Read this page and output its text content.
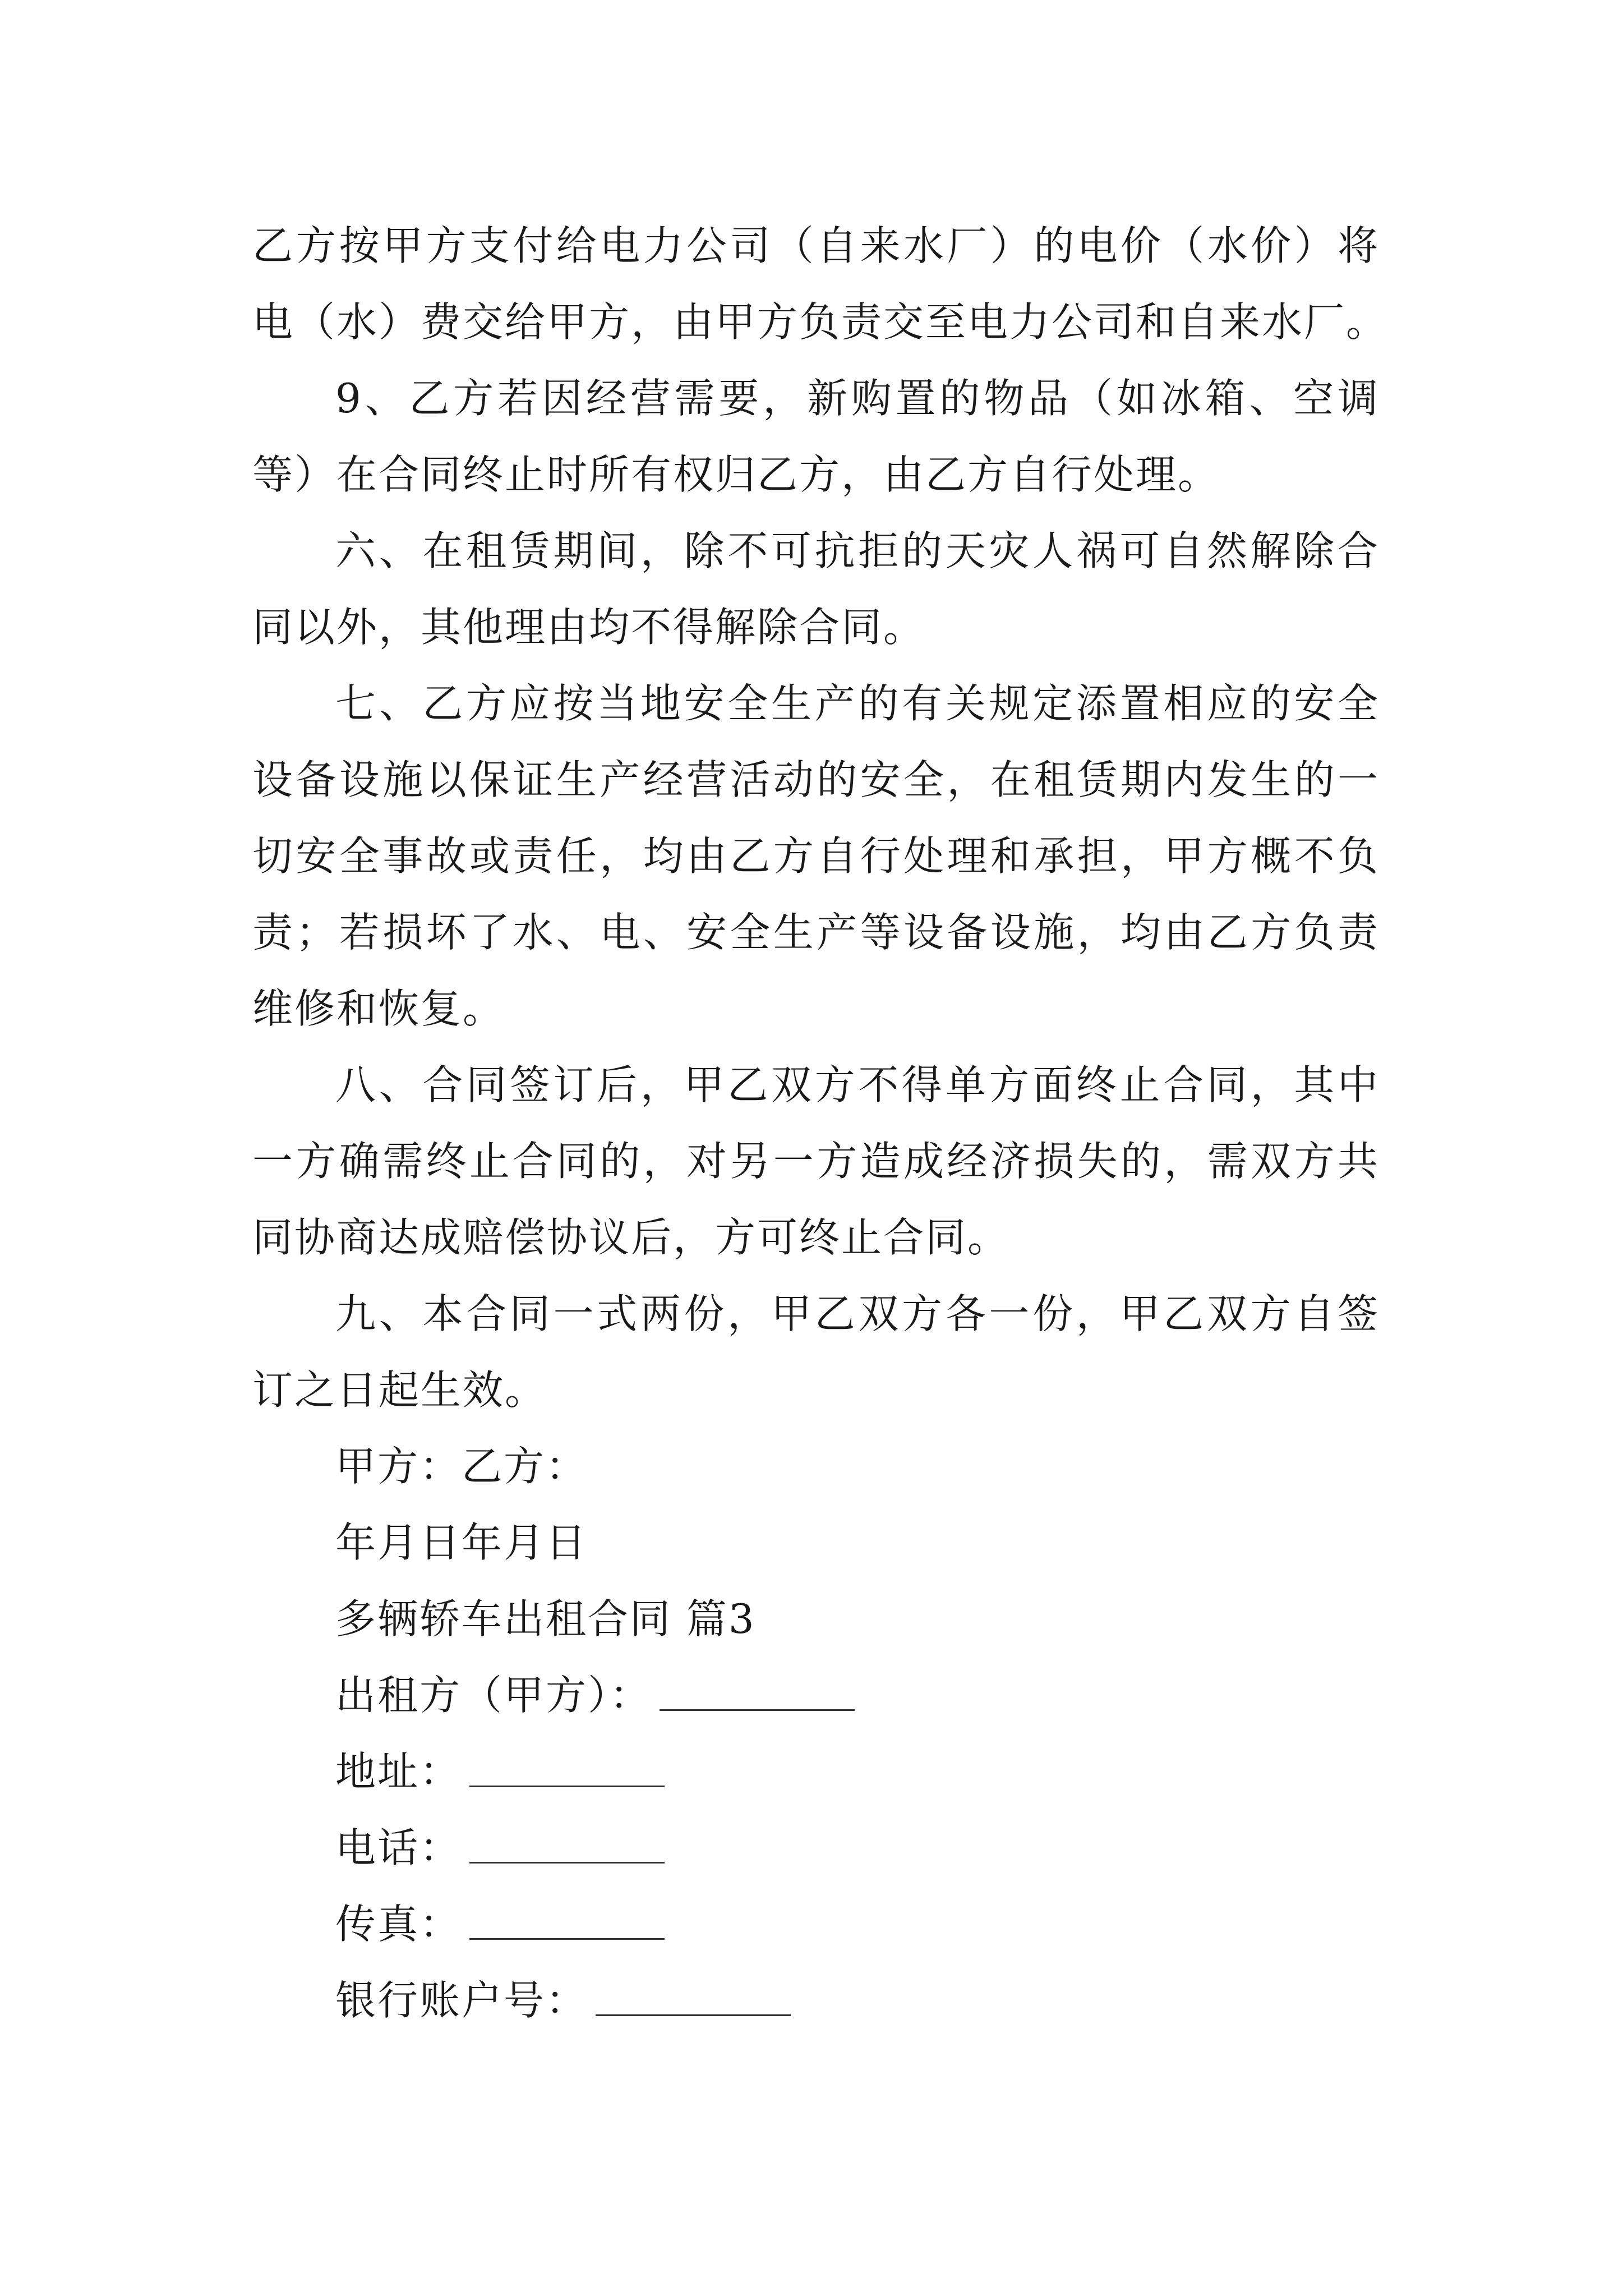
乙方按甲方支付给电力公司（自来水厂）的电价（水价）将
电（水）费交给甲方，由甲方负责交至电力公司和自来水厂。
9、乙方若因经营需要，新购置的物品（如冰箱、空调
等）在合同终止时所有权归乙方，由乙方自行处理。
六、在租赁期间，除不可抗拒的天灾人祸可自然解除合
同以外，其他理由均不得解除合同。
七、乙方应按当地安全生产的有关规定添置相应的安全
设备设施以保证生产经营活动的安全，在租赁期内发生的一
切安全事故或责任，均由乙方自行处理和承担，甲方概不负
责；若损坏了水、电、安全生产等设备设施，均由乙方负责
维修和恢复。
八、合同签订后，甲乙双方不得单方面终止合同，其中
一方确需终止合同的，对另一方造成经济损失的，需双方共
同协商达成赔偿协议后，方可终止合同。
九、本合同一式两份，甲乙双方各一份，甲乙双方自签
订之日起生效。
甲方：乙方：
年月日年月日
多辆轿车出租合同 篇3
出租方（甲方）：
地址：
电话：
传真：
银行账户号：
